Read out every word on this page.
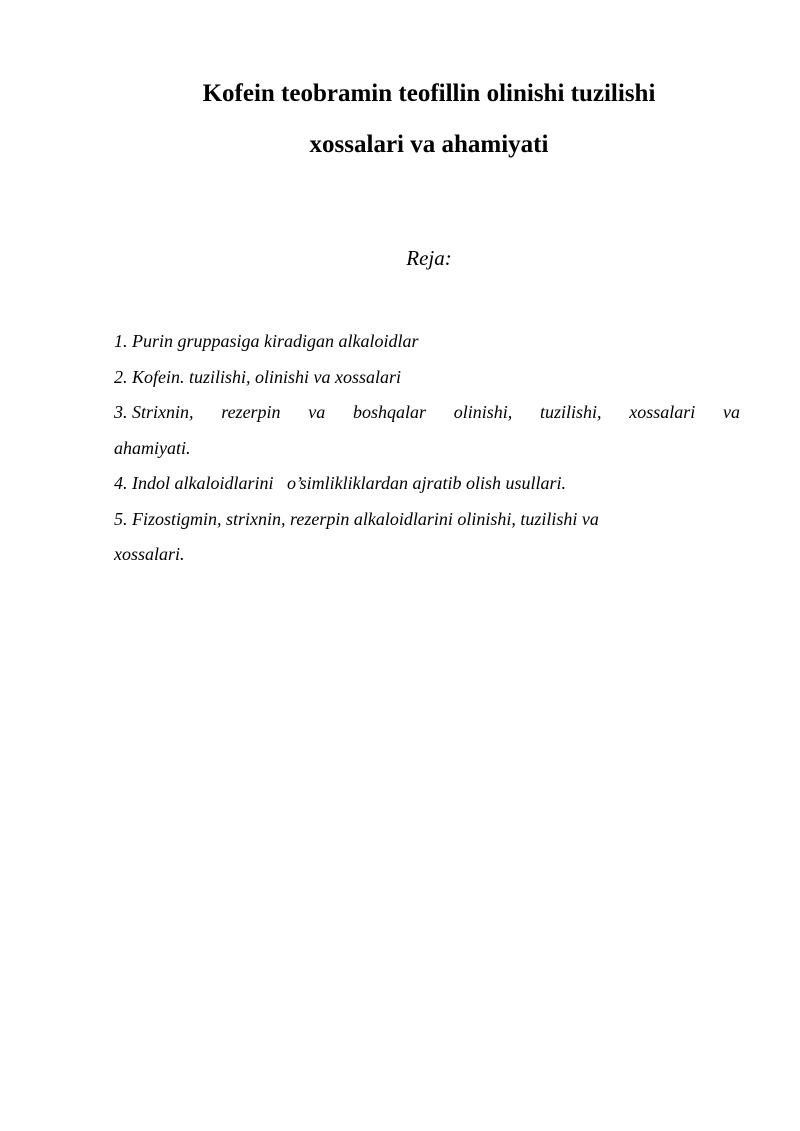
Kofein teobramin teofillin olinishi tuzilishi
xossalari va ahamiyati
Reja:
1. Purin gruppasiga kiradigan alkaloidlar
2. Kofein. tuzilishi, olinishi va xossalari
3. Strixnin, rezerpin va boshqalar olinishi, tuzilishi, xossalari va
ahamiyati.
4. Indol alkaloidlarini   o’simlikliklardan ajratib olish usullari.
5. Fizostigmin, strixnin, rezerpin alkaloidlarini olinishi, tuzilishi va
xossalari.
